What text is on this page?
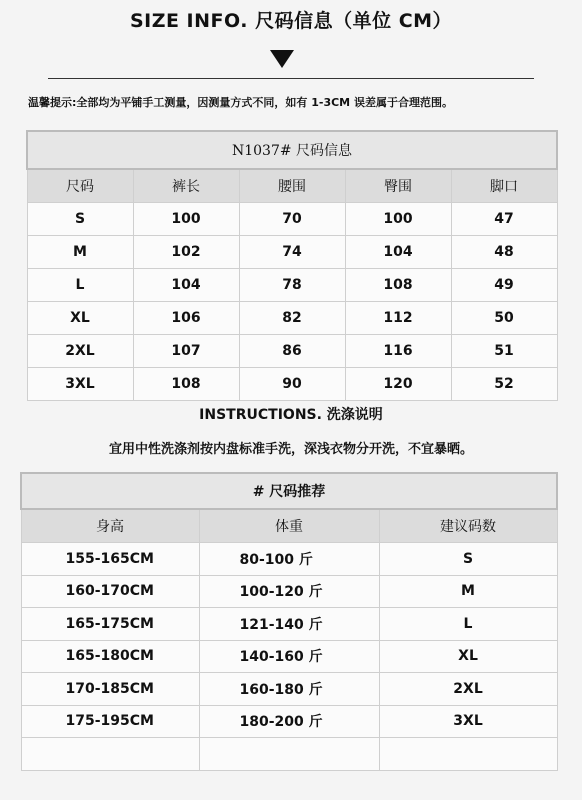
SIZE INFO. 尺码信息（单位 CM）
温馨提示:全部均为平铺手工测量，因测量方式不同，如有 1-3CM 误差属于合理范围。
N1037# 尺码信息				
尺码	裤长	腰围	臀围	脚口
S	100	70	100	47
M	102	74	104	48
L	104	78	108	49
XL	106	82	112	50
2XL	107	86	116	51
3XL	108	90	120	52
INSTRUCTIONS. 洗涤说明
宜用中性洗涤剂按内盘标准手洗，深浅衣物分开洗，不宜暴晒。
# 尺码推荐		
身高	体重	建议码数
155-165CM	80-100 斤	S
160-170CM	100-120 斤	M
165-175CM	121-140 斤	L
165-180CM	140-160 斤	XL
170-185CM	160-180 斤	2XL
175-195CM	180-200 斤	3XL
